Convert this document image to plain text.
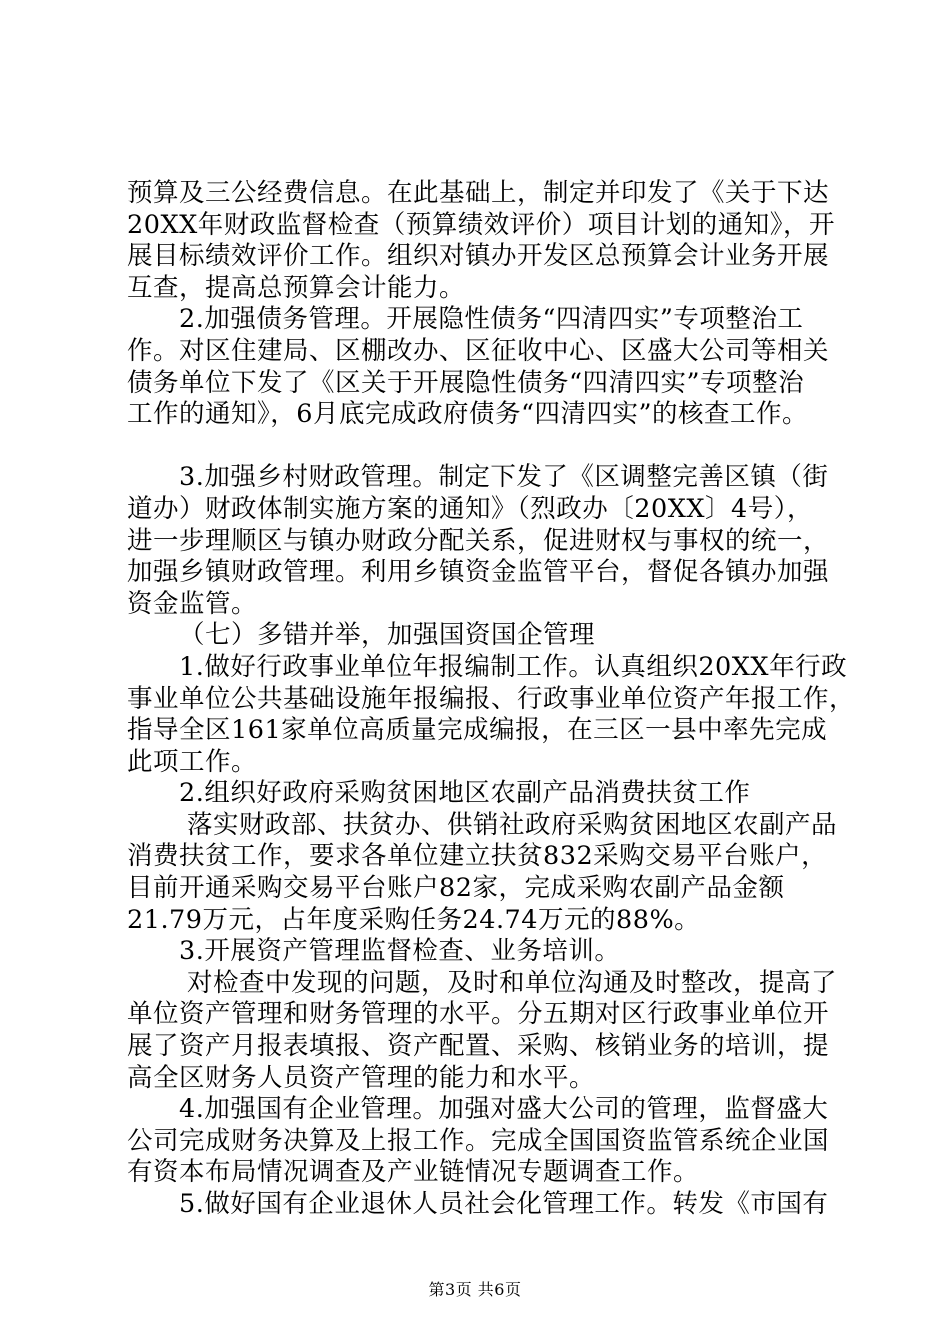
预算及三公经费信息。在此基础上，制定并印发了《关于下达
20XX年财政监督检查（预算绩效评价）项目计划的通知》，开
展目标绩效评价工作。组织对镇办开发区总预算会计业务开展
互查，提高总预算会计能力。
2.加强债务管理。开展隐性债务“四清四实”专项整治工
作。对区住建局、区棚改办、区征收中心、区盛大公司等相关
债务单位下发了《区关于开展隐性债务“四清四实”专项整治
工作的通知》，6月底完成政府债务“四清四实”的核查工作。
3.加强乡村财政管理。制定下发了《区调整完善区镇（街
道办）财政体制实施方案的通知》（烈政办〔20XX〕4号），
进一步理顺区与镇办财政分配关系，促进财权与事权的统一，
加强乡镇财政管理。利用乡镇资金监管平台，督促各镇办加强
资金监管。
（七）多错并举，加强国资国企管理
1.做好行政事业单位年报编制工作。认真组织20XX年行政
事业单位公共基础设施年报编报、行政事业单位资产年报工作，
指导全区161家单位高质量完成编报，在三区一县中率先完成
此项工作。
2.组织好政府采购贫困地区农副产品消费扶贫工作
落实财政部、扶贫办、供销社政府采购贫困地区农副产品
消费扶贫工作，要求各单位建立扶贫832采购交易平台账户，
目前开通采购交易平台账户82家，完成采购农副产品金额
21.79万元，占年度采购任务24.74万元的88%。
3.开展资产管理监督检查、业务培训。
对检查中发现的问题，及时和单位沟通及时整改，提高了
单位资产管理和财务管理的水平。分五期对区行政事业单位开
展了资产月报表填报、资产配置、采购、核销业务的培训，提
高全区财务人员资产管理的能力和水平。
4.加强国有企业管理。加强对盛大公司的管理，监督盛大
公司完成财务决算及上报工作。完成全国国资监管系统企业国
有资本布局情况调查及产业链情况专题调查工作。
5.做好国有企业退休人员社会化管理工作。转发《市国有
第3页 共6页
